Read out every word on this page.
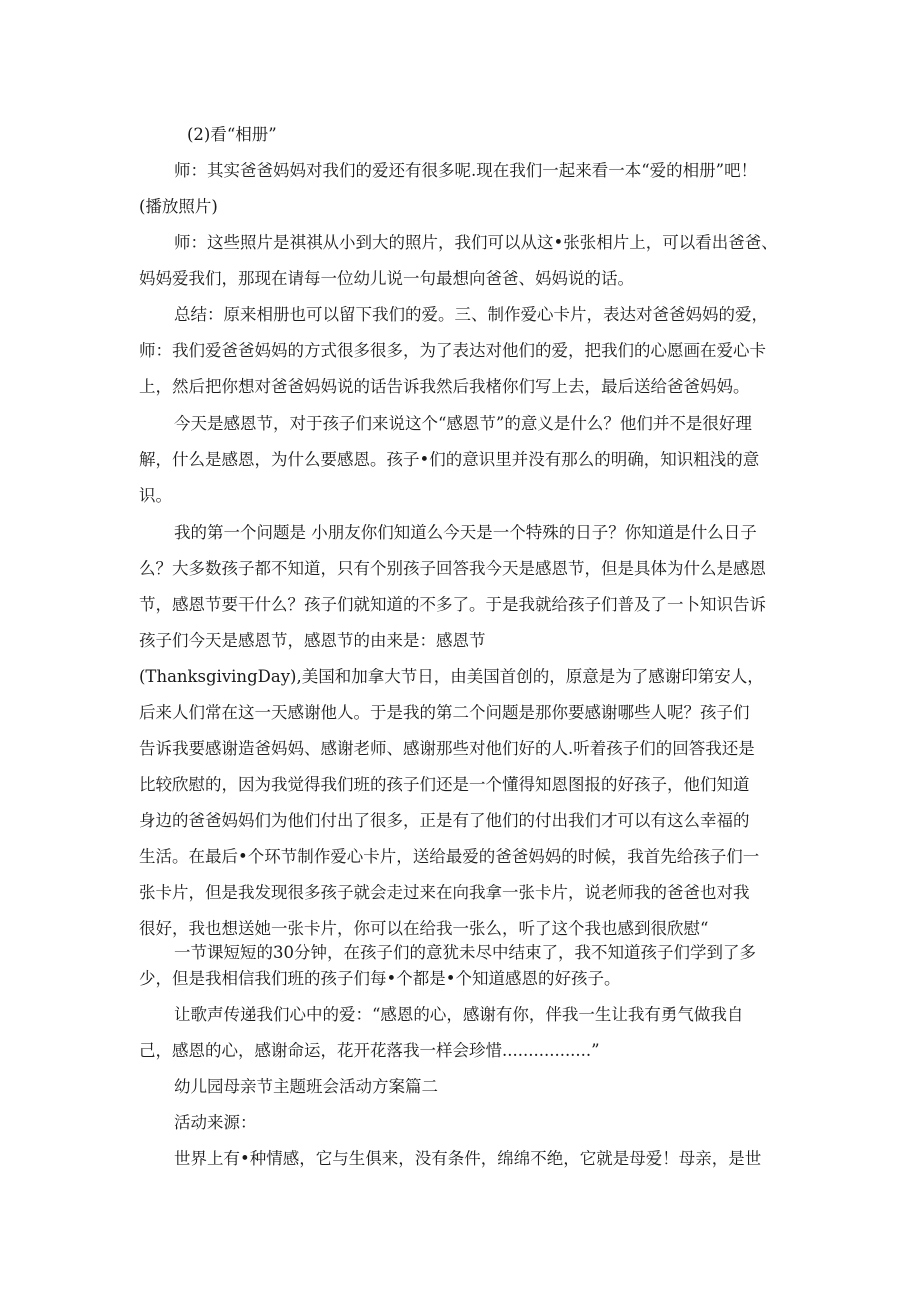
(2)看“相册”
师：其实爸爸妈妈对我们的爱还有很多呢.现在我们一起来看一本“爱的相册”吧！
(播放照片)
师：这些照片是祺祺从小到大的照片，我们可以从这•张张相片上，可以看出爸爸、
妈妈爱我们，那现在请每一位幼儿说一句最想向爸爸、妈妈说的话。
总结：原来相册也可以留下我们的爱。三、制作爱心卡片，表达对爸爸妈妈的爱，
师：我们爱爸爸妈妈的方式很多很多，为了表达对他们的爱，把我们的心愿画在爱心卡
上，然后把你想对爸爸妈妈说的话告诉我然后我楮你们写上去，最后送给爸爸妈妈。
今天是感恩节，对于孩子们来说这个“感恩节”的意义是什么？他们并不是很好理
解，什么是感恩，为什么要感恩。孩子•们的意识里并没有那么的明确，知识粗浅的意
识。
我的第一个问题是 小朋友你们知道么今天是一个特殊的日子？你知道是什么日子
么？大多数孩子都不知道，只有个别孩子回答我今天是感恩节，但是具体为什么是感恩
节，感恩节要干什么？孩子们就知道的不多了。于是我就给孩子们普及了一卜知识告诉
孩子们今天是感恩节，感恩节的由来是：感恩节
(ThanksgivingDay),美国和加拿大节日，由美国首创的，原意是为了感谢印第安人，
后来人们常在这一天感谢他人。于是我的第二个问题是那你要感谢哪些人呢？孩子们
告诉我要感谢造爸妈妈、感谢老师、感谢那些对他们好的人.听着孩子们的回答我还是
比较欣慰的，因为我觉得我们班的孩子们还是一个懂得知恩图报的好孩子，他们知道
身边的爸爸妈妈们为他们付出了很多，正是有了他们的付出我们才可以有这么幸福的
生活。在最后•个环节制作爱心卡片，送给最爱的爸爸妈妈的时候，我首先给孩子们一
张卡片，但是我发现很多孩子就会走过来在向我拿一张卡片，说老师我的爸爸也对我
很好，我也想送她一张卡片，你可以在给我一张么，听了这个我也感到很欣慰“
一节课短短的30分钟，在孩子们的意犹未尽中结束了，我不知道孩子们学到了多
少，但是我相信我们班的孩子们每•个都是•个知道感恩的好孩子。
让歌声传递我们心中的爱：“感恩的心，感谢有你，伴我一生让我有勇气做我自
己，感恩的心，感谢命运，花开花落我一样会珍惜.................”
幼儿园母亲节主题班会活动方案篇二
活动来源：
世界上有•种情感，它与生俱来，没有条件，绵绵不绝，它就是母爱！母亲，是世
